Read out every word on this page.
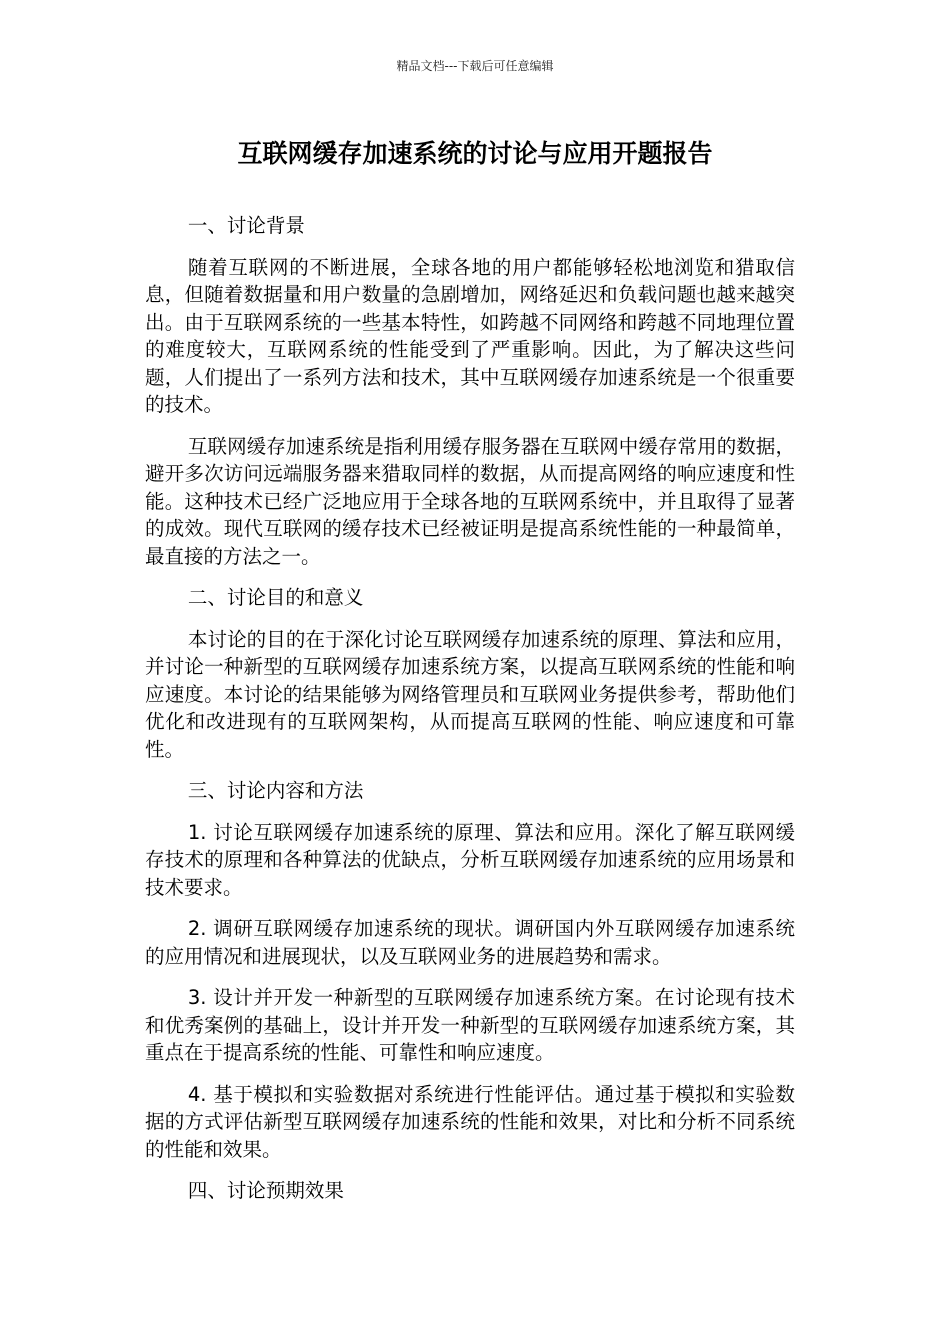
精品文档---下载后可任意编辑
互联网缓存加速系统的讨论与应用开题报告

一、讨论背景

随着互联网的不断进展，全球各地的用户都能够轻松地浏览和猎取信息，但随着数据量和用户数量的急剧增加，网络延迟和负载问题也越来越突出。由于互联网系统的一些基本特性，如跨越不同网络和跨越不同地理位置的难度较大，互联网系统的性能受到了严重影响。因此，为了解决这些问题，人们提出了一系列方法和技术，其中互联网缓存加速系统是一个很重要的技术。

互联网缓存加速系统是指利用缓存服务器在互联网中缓存常用的数据，避开多次访问远端服务器来猎取同样的数据，从而提高网络的响应速度和性能。这种技术已经广泛地应用于全球各地的互联网系统中，并且取得了显著的成效。现代互联网的缓存技术已经被证明是提高系统性能的一种最简单，最直接的方法之一。

二、讨论目的和意义

本讨论的目的在于深化讨论互联网缓存加速系统的原理、算法和应用，并讨论一种新型的互联网缓存加速系统方案，以提高互联网系统的性能和响应速度。本讨论的结果能够为网络管理员和互联网业务提供参考，帮助他们优化和改进现有的互联网架构，从而提高互联网的性能、响应速度和可靠性。

三、讨论内容和方法

1. 讨论互联网缓存加速系统的原理、算法和应用。深化了解互联网缓存技术的原理和各种算法的优缺点，分析互联网缓存加速系统的应用场景和技术要求。

2. 调研互联网缓存加速系统的现状。调研国内外互联网缓存加速系统的应用情况和进展现状，以及互联网业务的进展趋势和需求。

3. 设计并开发一种新型的互联网缓存加速系统方案。在讨论现有技术和优秀案例的基础上，设计并开发一种新型的互联网缓存加速系统方案，其重点在于提高系统的性能、可靠性和响应速度。

4. 基于模拟和实验数据对系统进行性能评估。通过基于模拟和实验数据的方式评估新型互联网缓存加速系统的性能和效果，对比和分析不同系统的性能和效果。

四、讨论预期效果
